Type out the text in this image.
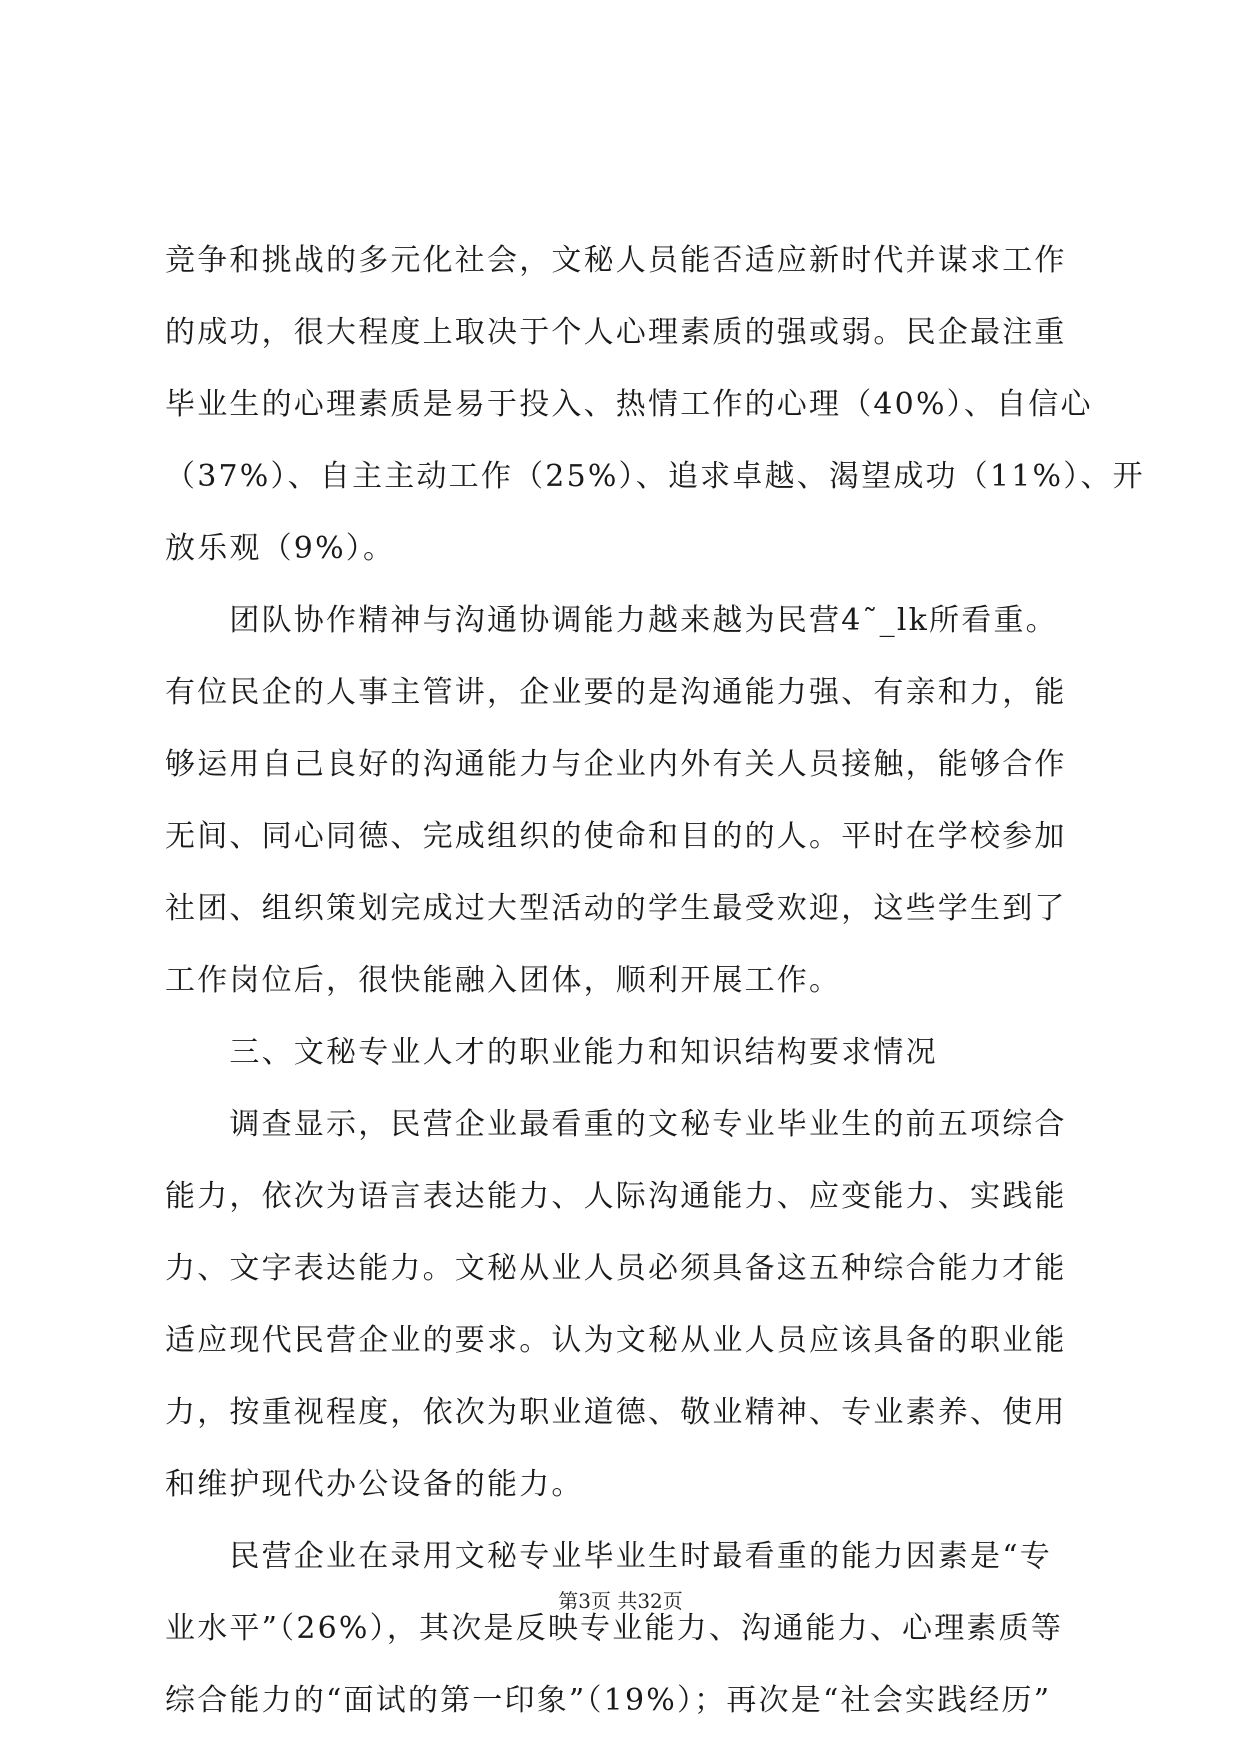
竞争和挑战的多元化社会，文秘人员能否适应新时代并谋求工作
的成功，很大程度上取决于个人心理素质的强或弱。民企最注重
毕业生的心理素质是易于投入、热情工作的心理（40%）、自信心
（37%）、自主主动工作（25%）、追求卓越、渴望成功（11%）、开
放乐观（9%）。
　　团队协作精神与沟通协调能力越来越为民营4˜_lk所看重。
有位民企的人事主管讲，企业要的是沟通能力强、有亲和力，能
够运用自己良好的沟通能力与企业内外有关人员接触，能够合作
无间、同心同德、完成组织的使命和目的的人。平时在学校参加
社团、组织策划完成过大型活动的学生最受欢迎，这些学生到了
工作岗位后，很快能融入团体，顺利开展工作。
　　三、文秘专业人才的职业能力和知识结构要求情况
　　调查显示，民营企业最看重的文秘专业毕业生的前五项综合
能力，依次为语言表达能力、人际沟通能力、应变能力、实践能
力、文字表达能力。文秘从业人员必须具备这五种综合能力才能
适应现代民营企业的要求。认为文秘从业人员应该具备的职业能
力，按重视程度，依次为职业道德、敬业精神、专业素养、使用
和维护现代办公设备的能力。
　　民营企业在录用文秘专业毕业生时最看重的能力因素是“专
业水平”（26%），其次是反映专业能力、沟通能力、心理素质等
综合能力的“面试的第一印象”（19%）；再次是“社会实践经历”
第3页 共32页
